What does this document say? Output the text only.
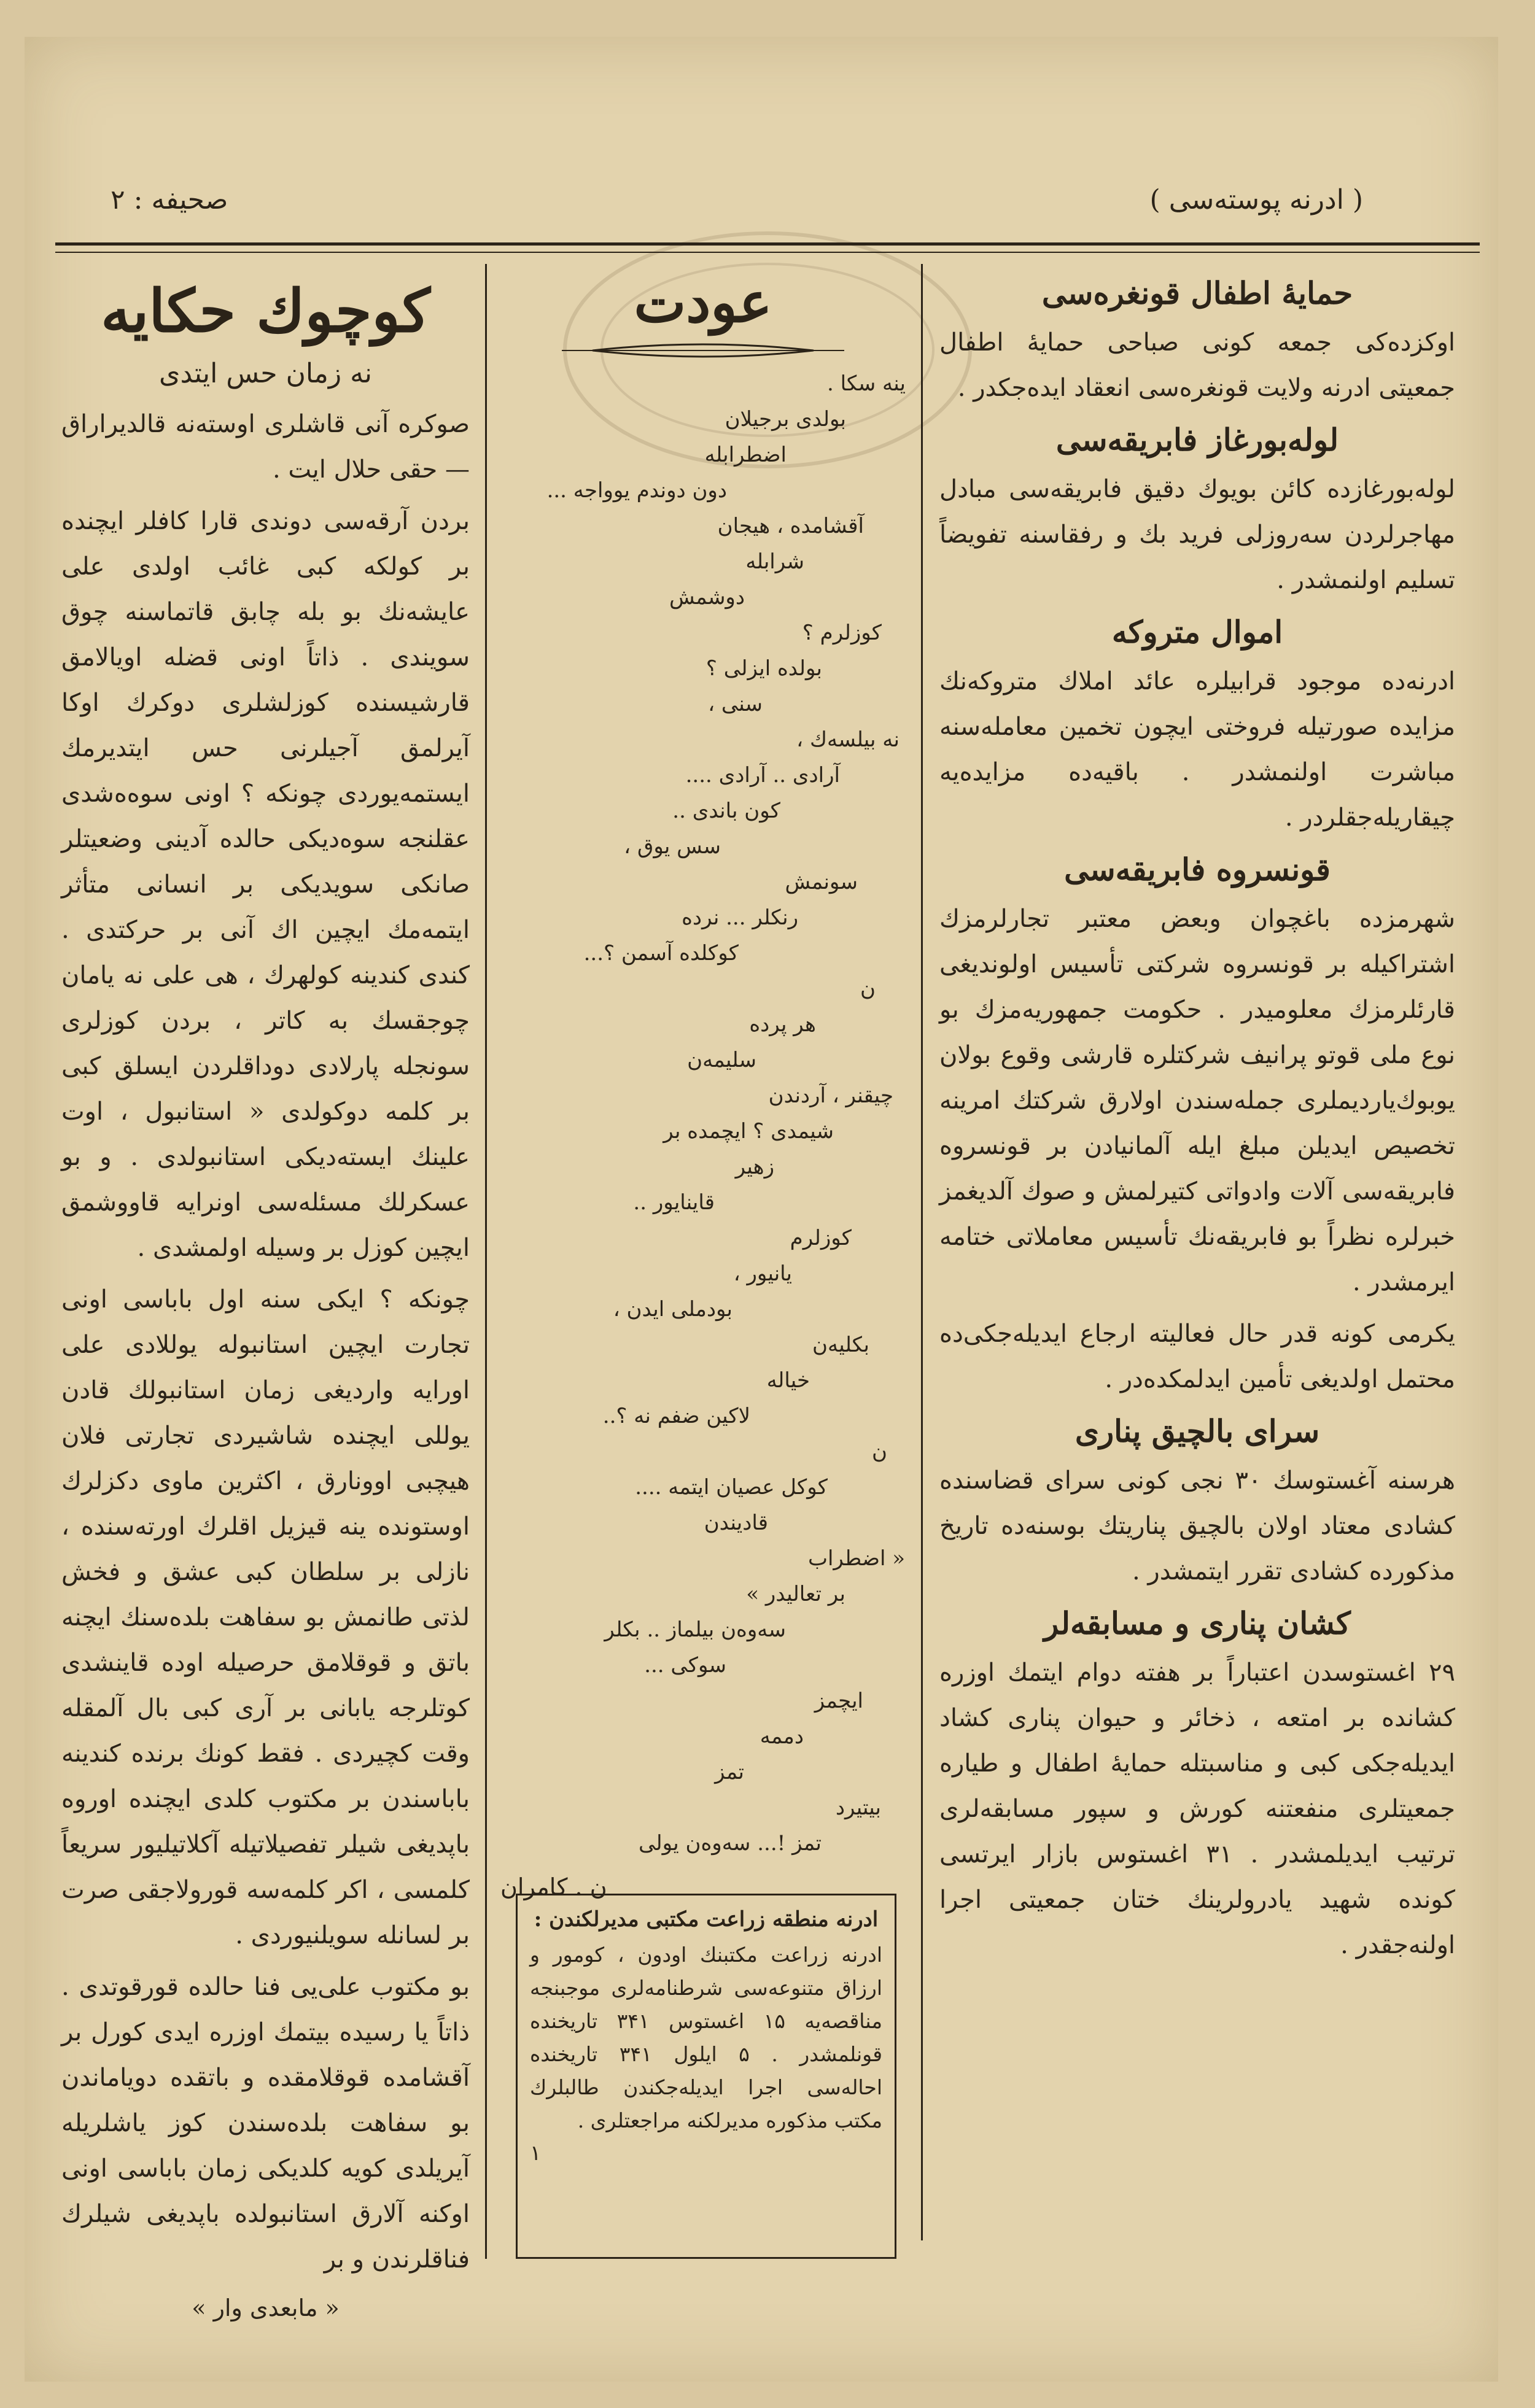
( ادرنه پوسته‌سی )
صحیفه : ۲
حمایهٔ اطفال قونغره‌سی

اوکزده‌کی جمعه کونی صباحی حمایهٔ اطفال جمعیتی ادرنه ولایت قونغره‌سی انعقاد ایده‌جکدر .

لوله‌بورغاز فابریقه‌سی

لوله‌بورغازده کائن بویوك دقیق فابریقه‌سی مبادل مهاجرلردن سه‌روزلی فرید بك و رفقاسنه تفویضاً تسلیم اولنمشدر .

اموال متروکه

ادرنه‌ده موجود قرابیلره عائد املاك متروکه‌نك مزایده صورتیله فروختی ایچون تخمین معامله‌سنه مباشرت اولنمشدر . باقیه‌ده مزایده‌یه چیقاریله‌جقلردر .

قونسروه فابریقه‌سی

شهرمزده باغچوان وبعض معتبر تجارلرمزك اشتراکیله بر قونسروه شرکتی تأسیس اولوندیغی قارئلرمزك معلومیدر . حکومت جمهوریه‌مزك بو نوع ملی قوتو پرانیف شرکتلره قارشی وقوع بولان یوبوك‌یاردیملری جمله‌سندن اولارق شرکتك امرینه تخصیص ایدیلن مبلغ ایله آلمانیادن بر قونسروه فابریقه‌سی آلات وادواتی کتیرلمش و صوك آلدیغمز خبرلره نظراً بو فابریقه‌نك تأسیس معاملاتی ختامه ایرمشدر .

یکرمی کونه قدر حال فعالیته ارجاع ایدیله‌جکی‌ده محتمل اولدیغی تأمین ایدلمکده‌در .

سرای بالچیق پناری

هرسنه آغستوسك ۳۰ نجی کونی سرای قضاسنده کشادی معتاد اولان بالچیق پناریتك بوسنه‌ده تاریخ مذکورده کشادی تقرر ایتمشدر .

کشان پناری و مسابقه‌لر

۲۹ اغستوسدن اعتباراً بر هفته دوام ایتمك اوزره کشانده بر امتعه ، ذخائر و حیوان پناری کشاد ایدیله‌جکی کبی و مناسبتله حمایهٔ اطفال و طیاره جمعیتلری منفعتنه کورش و سپور مسابقه‌لری ترتیب ایدیلمشدر . ۳۱ اغستوس بازار ایرتسی کونده شهید یادرولرینك ختان جمعیتی اجرا اولنه‌جقدر .

عودت
ینه سکا .
بولدی برجیلان
اضطرابله
دون دوندم یوواجه ...
آقشامده ، هیجان
شرابله
دوشمش
کوزلرم ؟
بولده ایزلی ؟
سنی ،
نه بیلسه‌ك ،
آرادی .. آرادی ....
کون باندی ..
سس یوق ،
سونمش
رنکلر ... نرده
کوکلده آسمن ؟...
ن
هر پرده
سلیمه‌ن
چیقنر ، آردندن
شیمدی ؟ ایچمده بر
زهیر
قاینایور ..
کوزلرم
یانیور ،
بودملی ایدن ،
بکلیه‌ن
خیاله
لاکین ضفم نه ؟..
ن
کوکل عصیان ایتمه ....
قادیندن
« اضطراب
بر تعالیدر »
سه‌وه‌ن بیلماز .. بکلر
سوکی ...
ایچمز
دممه
تمز
بیتیرد
تمز !... سه‌وه‌ن یولی
ن . کامران
ادرنه منطقه زراعت مکتبی مدیرلکندن :

ادرنه زراعت مکتبنك اودون ، کومور و ارزاق متنوعه‌سی شرطنامه‌لری موجبنجه مناقصه‌یه ۱۵ اغستوس ۳۴۱ تاریخنده قونلمشدر . ۵ ایلول ۳۴۱ تاریخنده احاله‌سی اجرا ایدیله‌جکندن طالبلرك مکتب مذکوره مدیرلکنه مراجعتلری .

۱

کوچوك حکایه
نه زمان حس ایتدی

صوکره آنی قاشلری اوسته‌نه قالدیراراق — حقی حلال ایت .

بردن آرقه‌سی دوندی قارا کافلر ایچنده بر کولکه کبی غائب اولدی علی عایشه‌نك بو بله چابق قاتماسنه چوق سویندی . ذاتاً اونی قضله اویالامق قارشیسنده کوزلشلری دوکرك اوکا آیرلمق آجیلرنی حس ایتدیرمك ایستمه‌یوردی چونکه ؟ اونی سوه‌ه‌شدی عقلنجه سوه‌دیکی حالده آدینی وضعیتلر صانکی سویدیکی بر انسانی متأثر ایتمه‌مك ایچین اك آنی بر حرکتدی . کندی کندینه کولهرك ، هی علی نه یامان چوجقسك به کاتر ، بردن کوزلری سونجله پارلادی دوداقلردن ایسلق کبی بر کلمه دوکولدی « استانبول ، اوت علینك ایسته‌دیکی استانبولدی . و بو عسکرلك مسئله‌سی اونرایه قاووشمق ایچین کوزل بر وسیله اولمشدی .

چونکه ؟ ایکی سنه اول باباسی اونی تجارت ایچین استانبوله یوللادی علی اورایه واردیغی زمان استانبولك قادن یوللی ایچنده شاشیردی تجارتی فلان هیچبی اوونارق ، اکثرین ماوی دکزلرك اوستونده ینه قیزیل اقلرك اورته‌سنده ، نازلی بر سلطان کبی عشق و فخش لذتی طانمش بو سفاهت بلده‌سنك ایچنه باتق و قوقلامق حرصیله اوده قاینشدی کوتلرجه یابانی بر آری کبی بال آلمقله وقت کچیردی . فقط کونك برنده کندینه باباسندن بر مکتوب کلدی ایچنده اوروه باپدیغی شیلر تفصیلاتیله آکلاتیلیور سریعاً کلمسی ، اکر کلمه‌سه قورولاجقی صرت بر لسانله سویلنیوردی .

بو مکتوب علی‌یی فنا حالده قورقوتدی . ذاتاً یا رسیده بیتمك اوزره ایدی کورل بر آقشامده قوقلامقده و باتقده دویاماندن بو سفاهت بلده‌سندن کوز یاشلریله آیریلدی کویه کلدیکی زمان باباسی اونی اوکنه آلارق استانبولده باپدیغی شیلرك فناقلرندن و بر

« مابعدی وار »
